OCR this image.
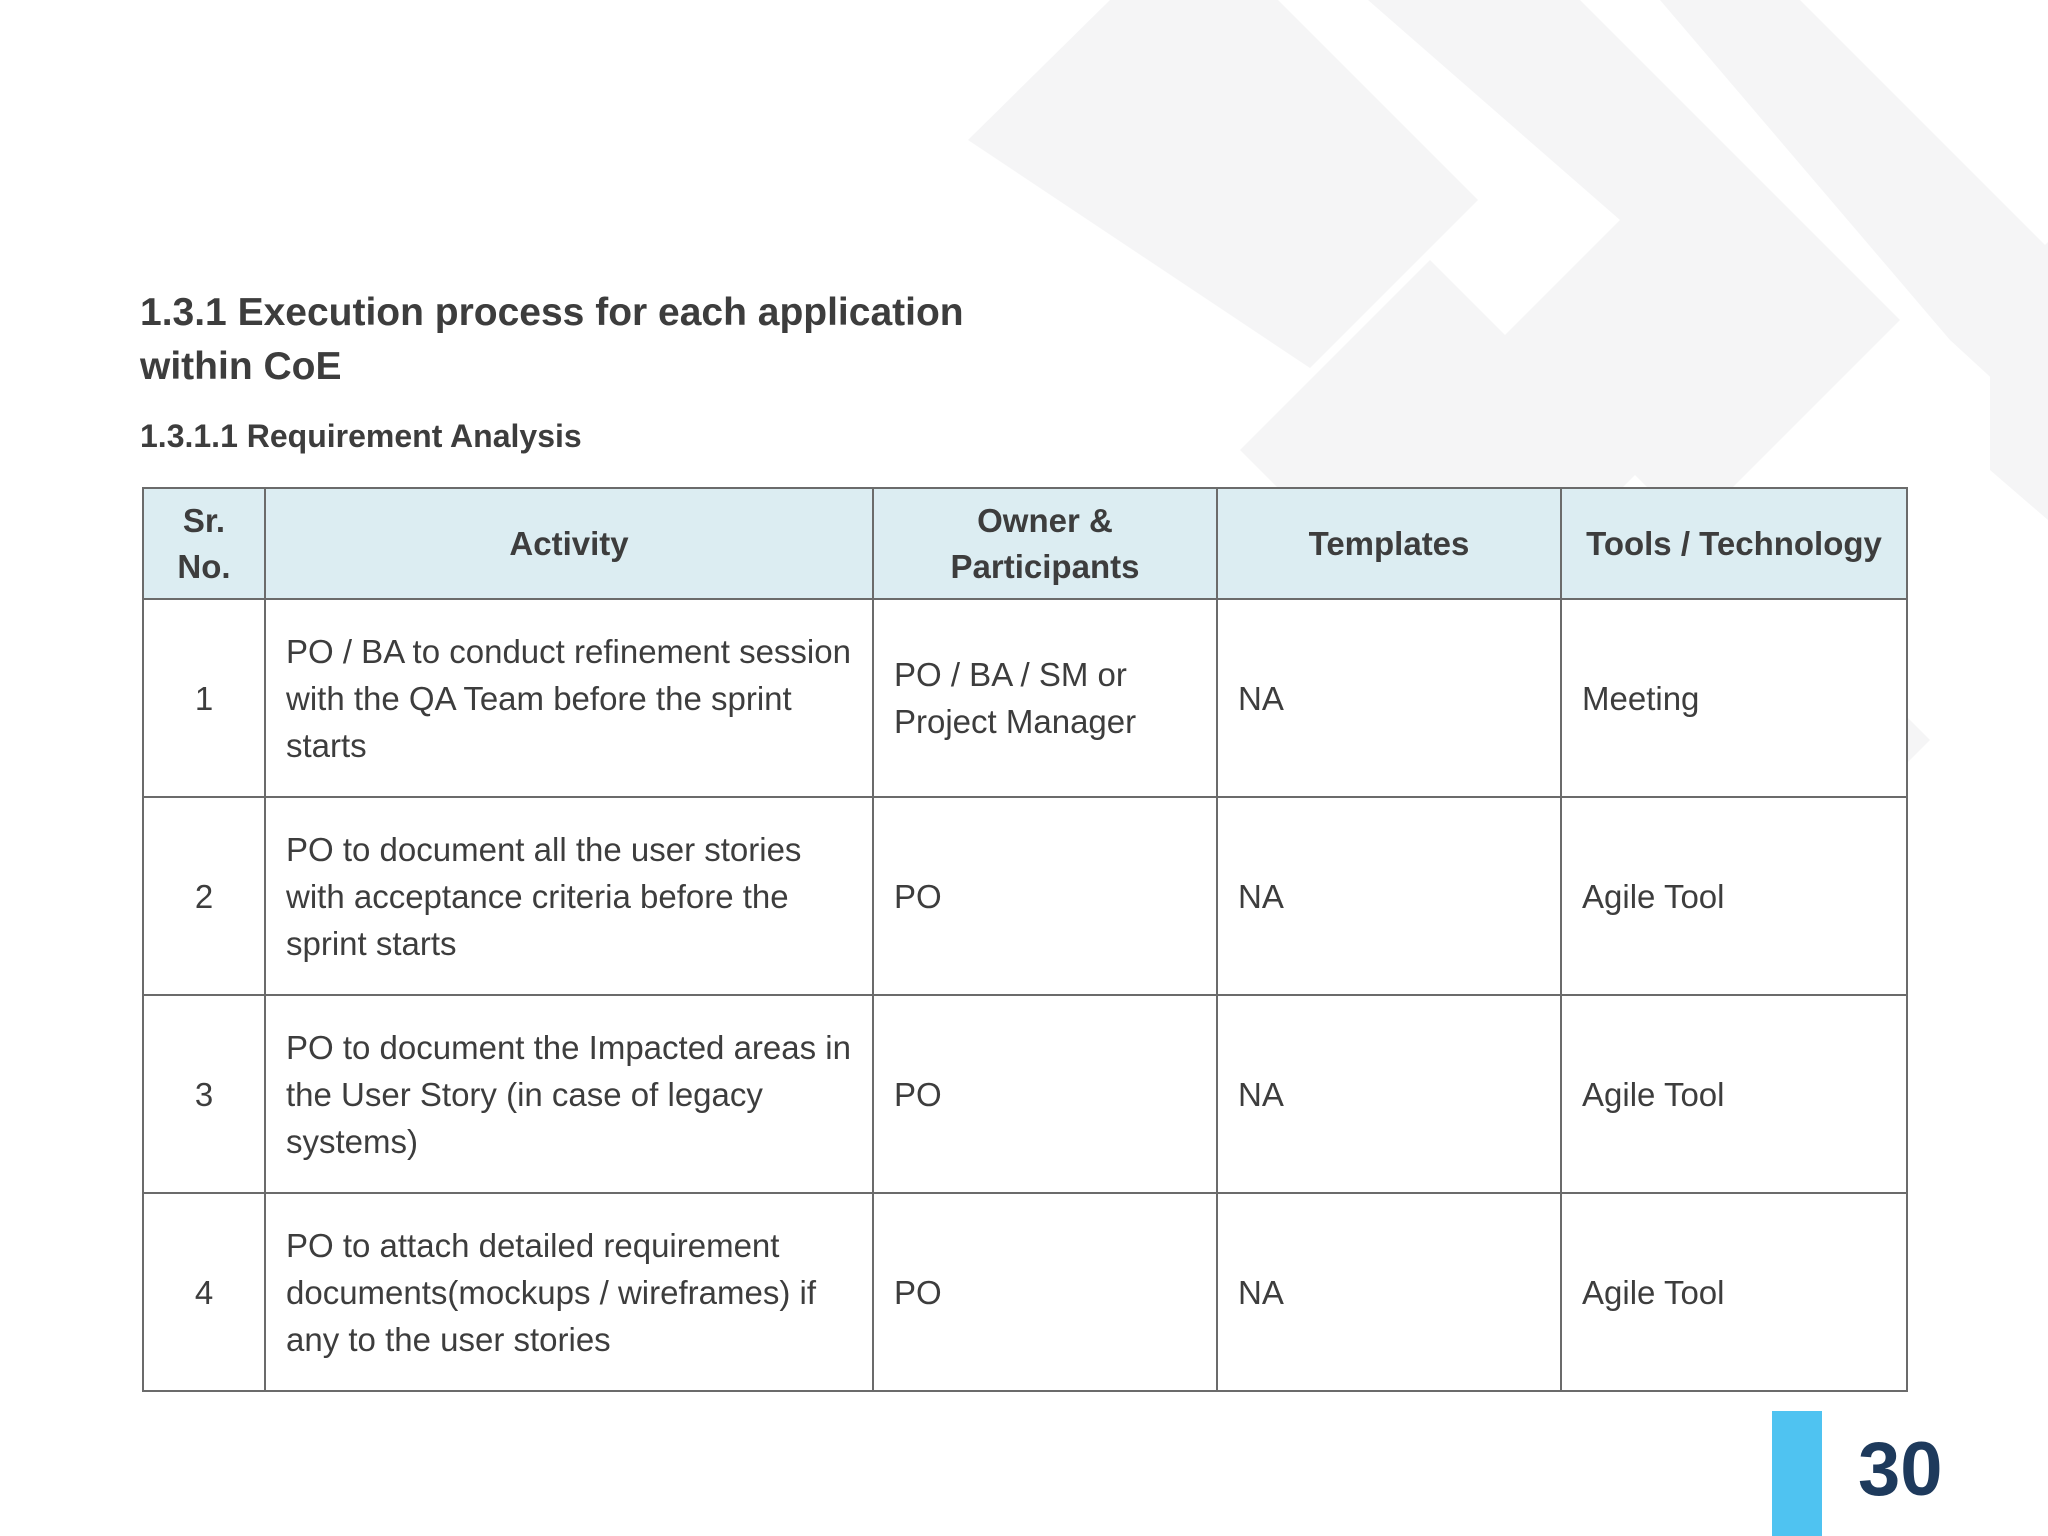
1.3.1 Execution process for each application within CoE
1.3.1.1 Requirement Analysis
Sr. No.	Activity	Owner & Participants	Templates	Tools / Technology
1	PO / BA to conduct refinement session with the QA Team before the sprint starts	PO / BA / SM or Project Manager	NA	Meeting
2	PO to document all the user stories with acceptance criteria before the sprint starts	PO	NA	Agile Tool
3	PO to document the Impacted areas in the User Story (in case of legacy systems)	PO	NA	Agile Tool
4	PO to attach detailed requirement documents(mockups / wireframes) if any to the user stories	PO	NA	Agile Tool
30
